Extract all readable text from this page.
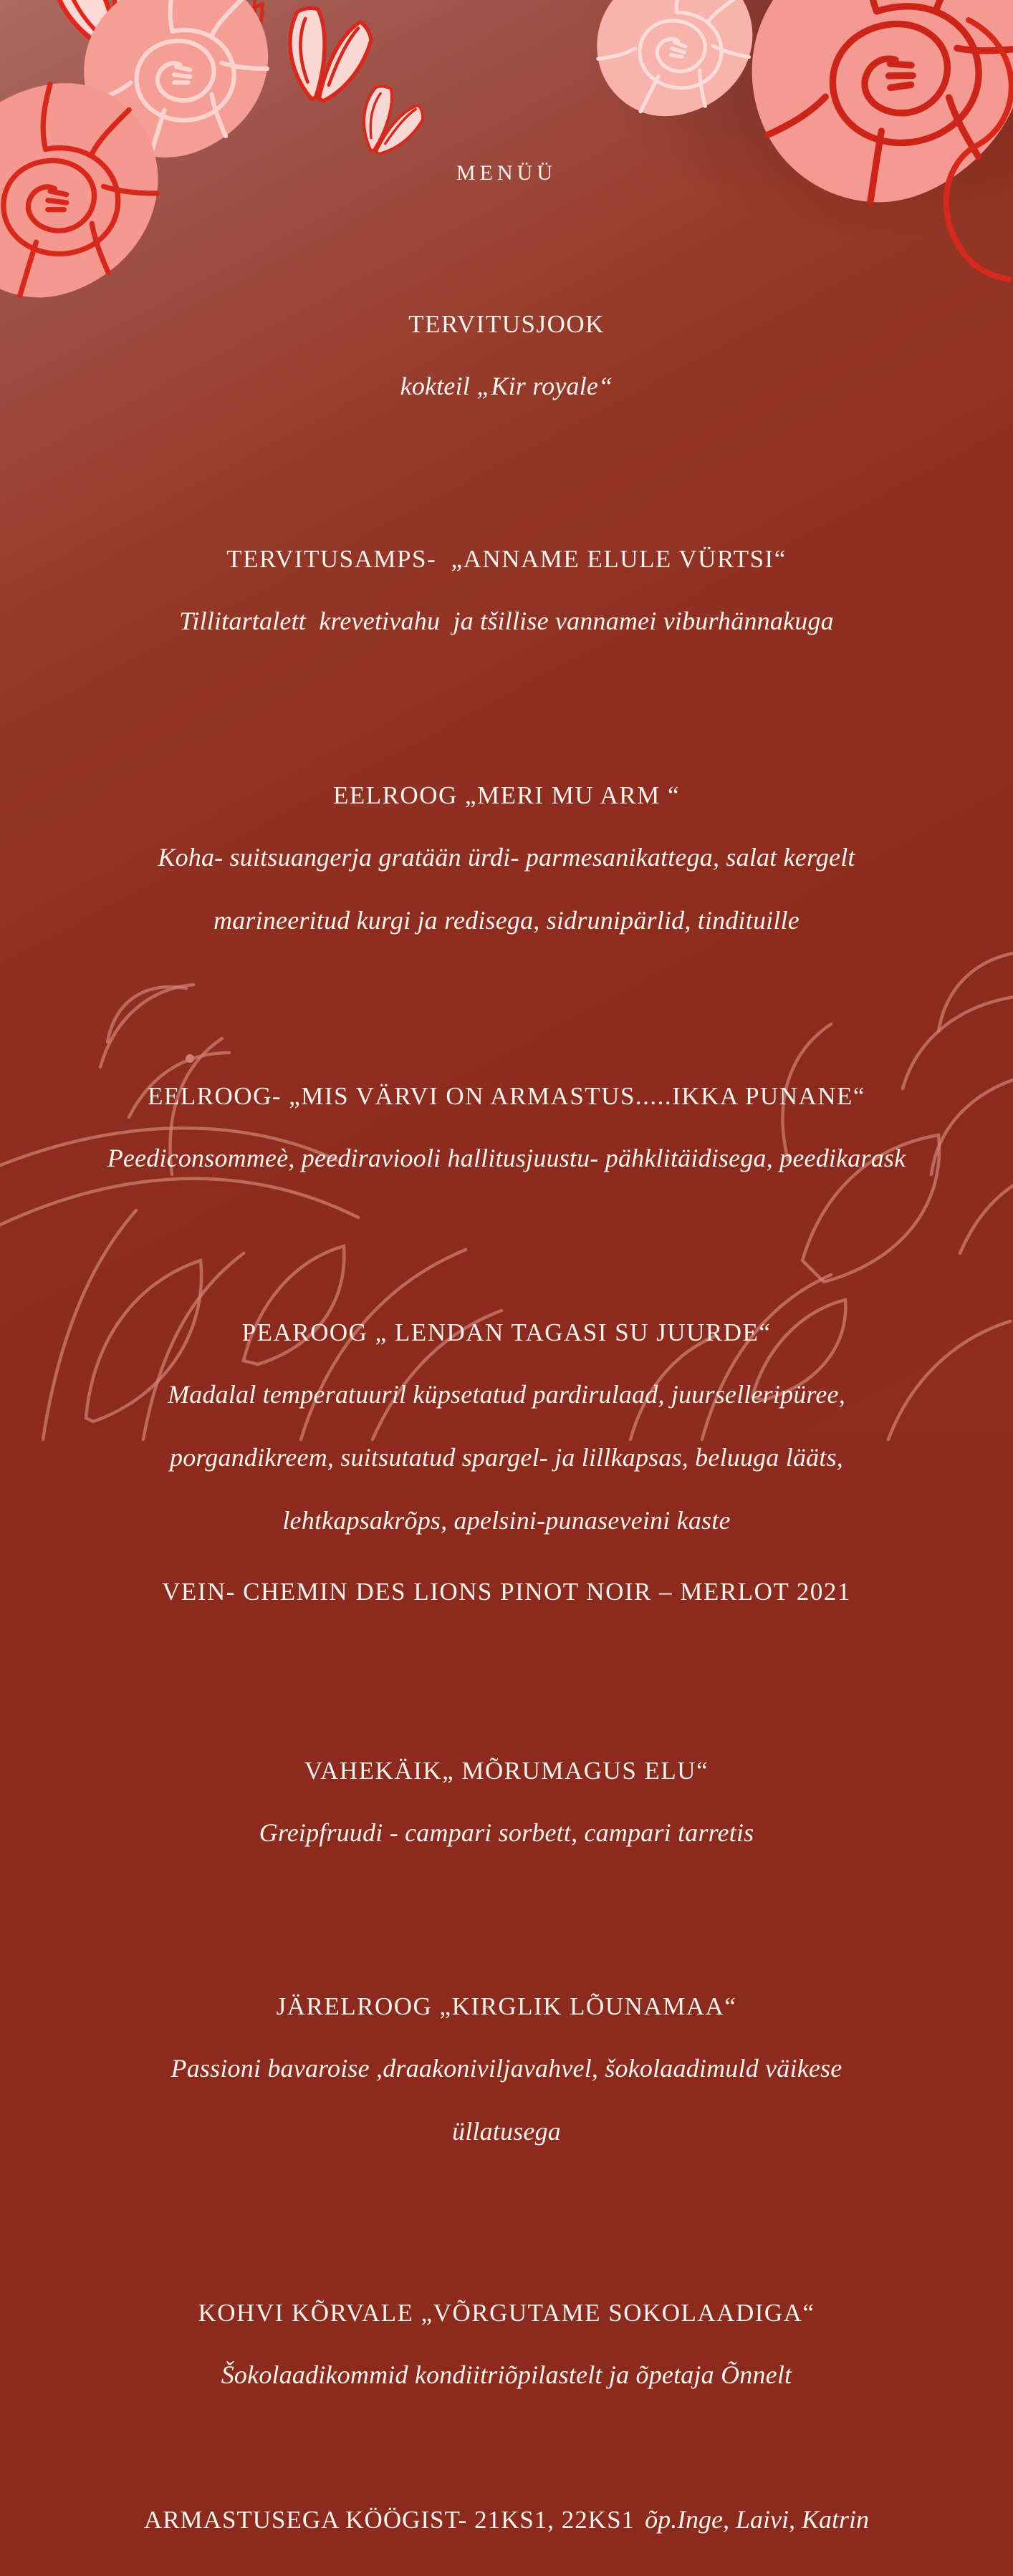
MENÜÜ

TERVITUSJOOK

kokteil „Kir royale“

TERVITUSAMPS-  „ANNAME ELULE VÜRTSI“

Tillitartalett  krevetivahu  ja tšillise vannamei viburhännakuga

EELROOG „MERI MU ARM “

Koha- suitsuangerja gratään ürdi- parmesanikattega, salat kergelt

marineeritud kurgi ja redisega, sidrunipärlid, tindituille

EELROOG- „MIS VÄRVI ON ARMASTUS.....IKKA PUNANE“

Peediconsommeè, peediraviooli hallitusjuustu- pähklitäidisega, peedikarask

PEAROOG „ LENDAN TAGASI SU JUURDE“

Madalal temperatuuril küpsetatud pardirulaad, juurselleripüree,

porgandikreem, suitsutatud spargel- ja lillkapsas, beluuga lääts,

lehtkapsakrõps, apelsini-punaseveini kaste

VEIN- CHEMIN DES LIONS PINOT NOIR – MERLOT 2021

VAHEKÄIK„ MÕRUMAGUS ELU“

Greipfruudi - campari sorbett, campari tarretis

JÄRELROOG „KIRGLIK LÕUNAMAA“

Passioni bavaroise ,draakoniviljavahvel, šokolaadimuld väikese

üllatusega

KOHVI KÕRVALE „VÕRGUTAME SOKOLAADIGA“

Šokolaadikommid kondiitriõpilastelt ja õpetaja Õnnelt

ARMASTUSEGA KÖÖGIST- 21KS1, 22KS1 õp.Inge, Laivi, Katrin
